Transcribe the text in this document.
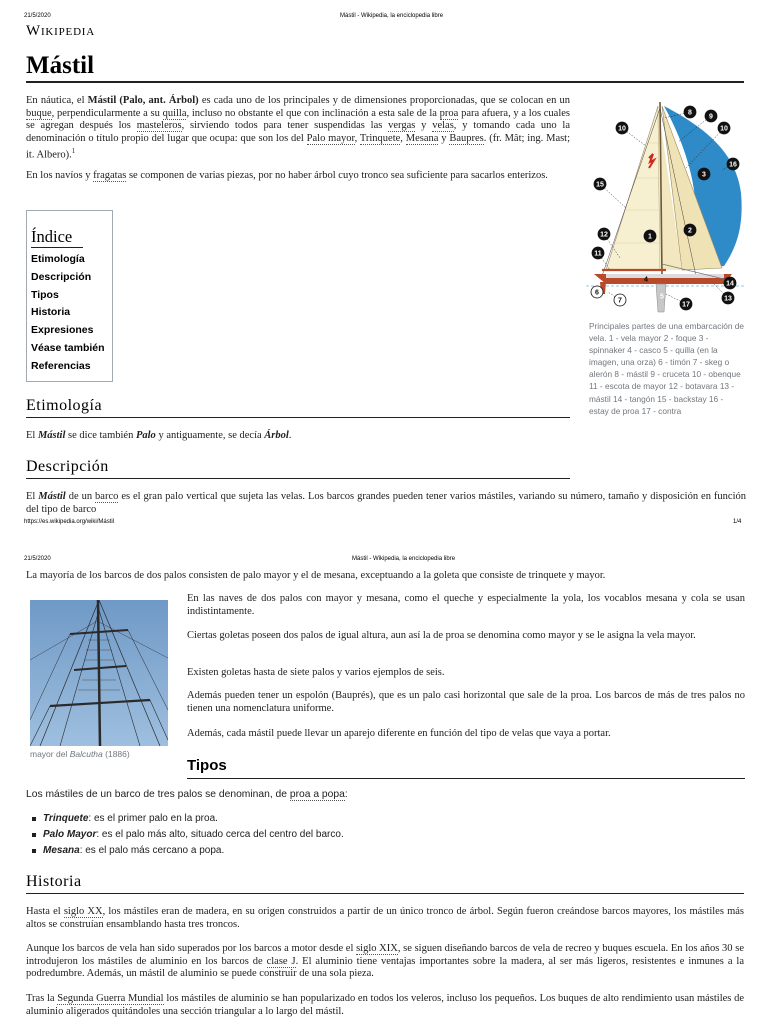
21/5/2020	Mástil - Wikipedia, la enciclopedia libre
Wikipedia
Mástil
En náutica, el Mástil (Palo, ant. Árbol) es cada uno de los principales y de dimensiones proporcionadas, que se colocan en un buque, perpendicularmente a su quilla, incluso no obstante el que con inclinación a esta sale de la proa para afuera, y a los cuales se agregan después los masteleros, sirviendo todos para tener suspendidas las vergas y velas, y tomando cada uno la denominación o título propio del lugar que ocupa: que son los del Palo mayor, Trinquete, Mesana y Baupres. (fr. Mât; ing. Mast; it. Albero).$^1$
En los navíos y fragatas se componen de varias piezas, por no haber árbol cuyo tronco sea suficiente para sacarlos enterizos.
Índice
Etimología
Descripción
Tipos
Historia
Expresiones
Véase también
Referencias
8
9
10	10
16
3
15
2
1
12
11
4
14
6
7
5
17
13
Principales partes de una embarcación de vela. 1 - vela mayor 2 - foque 3 - spinnaker 4 - casco 5 - quilla (en la imagen, una orza) 6 - timón 7 - skeg o alerón 8 - mástil 9 - cruceta 10 - obenque 11 - escota de mayor 12 - botavara 13 - mástil 14 - tangón 15 - backstay 16 - estay de proa 17 - contra
Etimología
El Mástil se dice también Palo y antiguamente, se decía Árbol.
Descripción
El Mástil de un barco es el gran palo vertical que sujeta las velas. Los barcos grandes pueden tener varios mástiles, variando su número, tamaño y disposición en función del tipo de barco
https://es.wikipedia.org/wiki/Mástil	1/4
21/5/2020	Mástil - Wikipedia, la enciclopedia libre
La mayoría de los barcos de dos palos consisten de palo mayor y el de mesana, exceptuando a la goleta que consiste de trinquete y mayor.
mayor del Balcutha (1886)
En las naves de dos palos con mayor y mesana, como el queche y especialmente la yola, los vocablos mesana y cola se usan indistintamente.
Ciertas goletas poseen dos palos de igual altura, aun así la de proa se denomina como mayor y se le asigna la vela mayor.
Existen goletas hasta de siete palos y varios ejemplos de seis.
Además pueden tener un espolón (Bauprés), que es un palo casi horizontal que sale de la proa. Los barcos de más de tres palos no tienen una nomenclatura uniforme.
Además, cada mástil puede llevar un aparejo diferente en función del tipo de velas que vaya a portar.
Tipos
Los mástiles de un barco de tres palos se denominan, de proa a popa:
Trinquete: es el primer palo en la proa.
Palo Mayor: es el palo más alto, situado cerca del centro del barco.
Mesana: es el palo más cercano a popa.
Historia
Hasta el siglo XX, los mástiles eran de madera, en su origen construidos a partir de un único tronco de árbol. Según fueron creándose barcos mayores, los mástiles más altos se construían ensamblando hasta tres troncos.
Aunque los barcos de vela han sido superados por los barcos a motor desde el siglo XIX, se siguen diseñando barcos de vela de recreo y buques escuela. En los años 30 se introdujeron los mástiles de aluminio en los barcos de clase J. El aluminio tiene ventajas importantes sobre la madera, al ser más ligeros, resistentes e inmunes a la podredumbre. Además, un mástil de aluminio se puede construir de una sola pieza.
Tras la Segunda Guerra Mundial los mástiles de aluminio se han popularizado en todos los veleros, incluso los pequeños. Los buques de alto rendimiento usan mástiles de aluminio aligerados quitándoles una sección triangular a lo largo del mástil.
